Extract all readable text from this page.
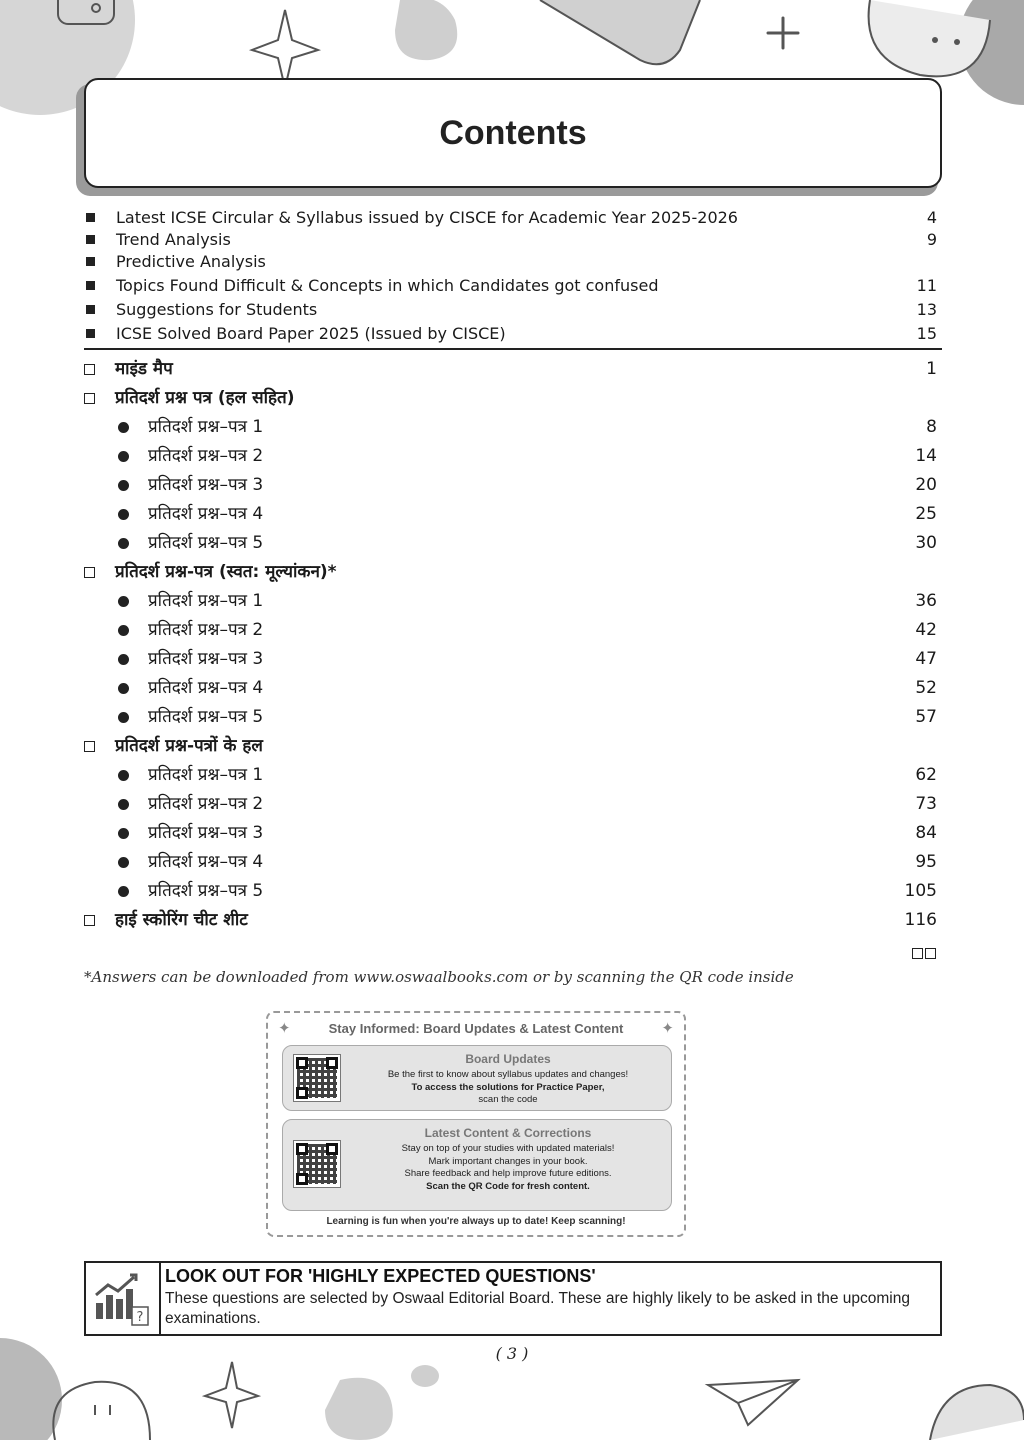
Contents
Latest ICSE Circular & Syllabus issued by CISCE for Academic Year 2025-2026	4
Trend Analysis	9
Predictive Analysis
Topics Found Difficult & Concepts in which Candidates got confused	11
Suggestions for Students	13
ICSE Solved Board Paper 2025 (Issued by CISCE)	15
माइंड मैप	1
प्रतिदर्श प्रश्न पत्र (हल सहित)
प्रतिदर्श प्रश्न–पत्र 1	8
प्रतिदर्श प्रश्न–पत्र 2	14
प्रतिदर्श प्रश्न–पत्र 3	20
प्रतिदर्श प्रश्न–पत्र 4	25
प्रतिदर्श प्रश्न–पत्र 5	30
प्रतिदर्श प्रश्न-पत्र (स्वत: मूल्यांकन)*
प्रतिदर्श प्रश्न–पत्र 1	36
प्रतिदर्श प्रश्न–पत्र 2	42
प्रतिदर्श प्रश्न–पत्र 3	47
प्रतिदर्श प्रश्न–पत्र 4	52
प्रतिदर्श प्रश्न–पत्र 5	57
प्रतिदर्श प्रश्न-पत्रों के हल
प्रतिदर्श प्रश्न–पत्र 1	62
प्रतिदर्श प्रश्न–पत्र 2	73
प्रतिदर्श प्रश्न–पत्र 3	84
प्रतिदर्श प्रश्न–पत्र 4	95
प्रतिदर्श प्रश्न–पत्र 5	105
हाई स्कोरिंग चीट शीट	116
*Answers can be downloaded from www.oswaalbooks.com or by scanning the QR code inside
✦	Stay Informed: Board Updates & Latest Content	✦
Board Updates
Be the first to know about syllabus updates and changes!
To access the solutions for Practice Paper,
scan the code
Latest Content & Corrections
Stay on top of your studies with updated materials!
Mark important changes in your book.
Share feedback and help improve future editions.
Scan the QR Code for fresh content.
Learning is fun when you're always up to date! Keep scanning!
?
LOOK OUT FOR 'HIGHLY EXPECTED QUESTIONS'
These questions are selected by Oswaal Editorial Board. These are highly likely to be asked in the upcoming examinations.
( 3 )
